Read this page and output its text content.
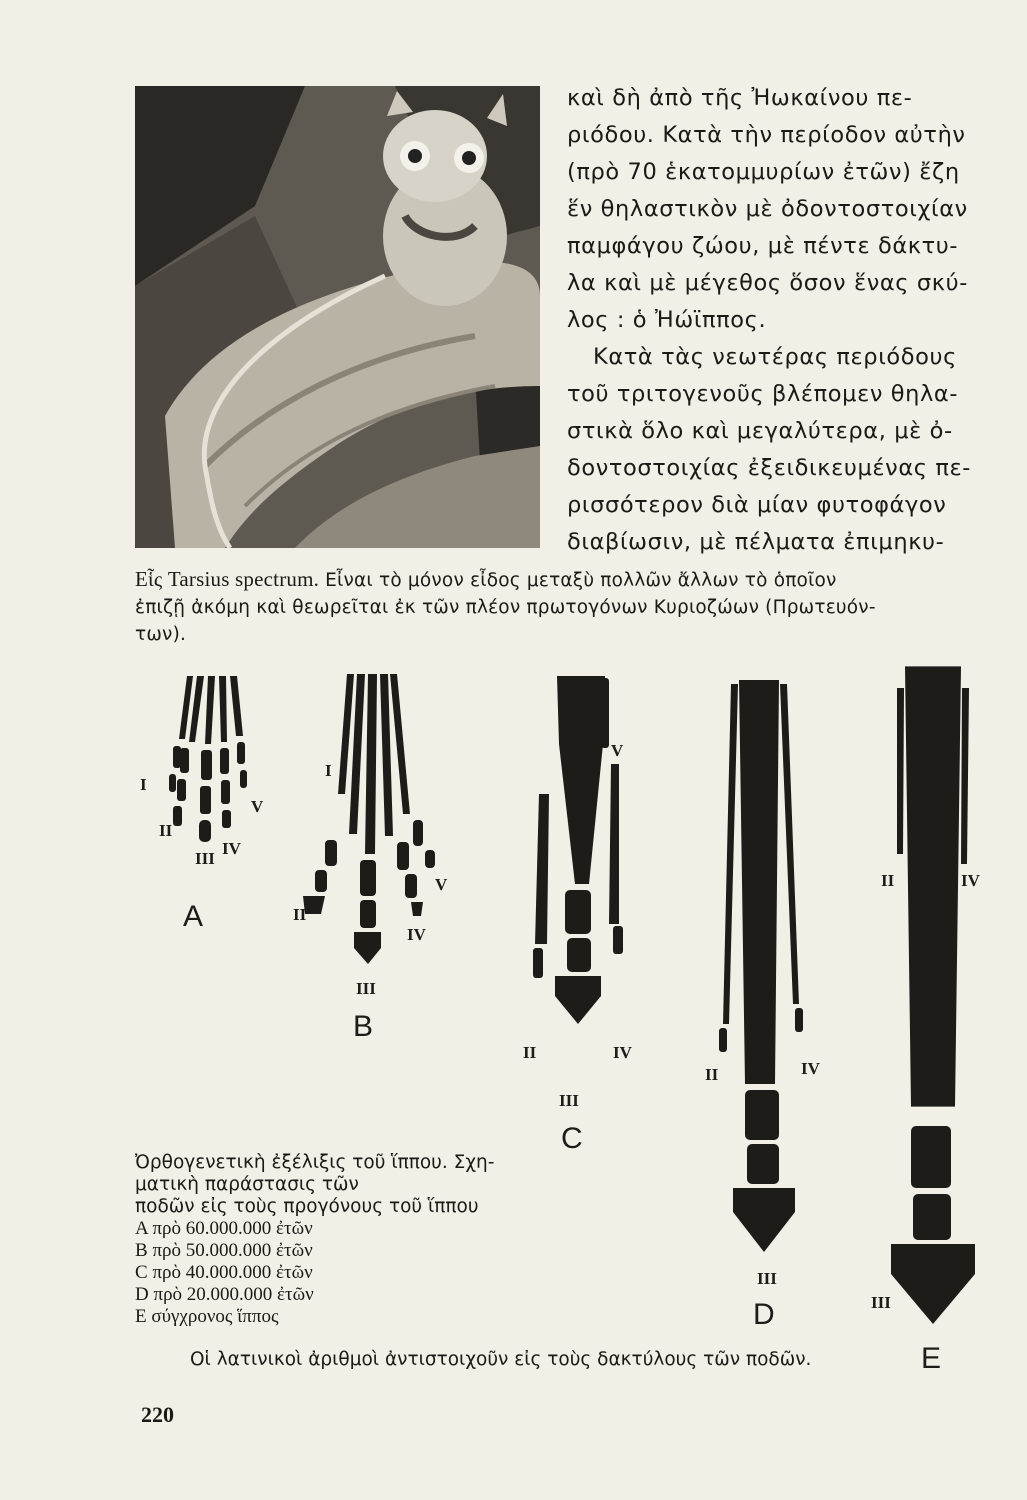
καὶ δὴ ἀπὸ τῆς Ἠωκαίνου πε-
ριόδου. Κατὰ τὴν περίοδον αὐτὴν
(πρὸ 70 ἑκατομμυρίων ἐτῶν) ἔζη
ἕν θηλαστικὸν μὲ ὀδοντοστοιχίαν
παμφάγου ζώου, μὲ πέντε δάκτυ-
λα καὶ μὲ μέγεθος ὅσον ἕνας σκύ-
λος : ὁ Ἠώϊππος.
Κατὰ τὰς νεωτέρας περιόδους
τοῦ τριτογενοῦς βλέπομεν θηλα-
στικὰ ὅλο καὶ μεγαλύτερα, μὲ ὀ-
δοντοστοιχίας ἐξειδικευμένας πε-
ρισσότερον διὰ μίαν φυτοφάγον
διαβίωσιν, μὲ πέλματα ἐπιμηκυ-
Εἷς Tarsius spectrum. Εἶναι τὸ μόνον εἶδος μεταξὺ πολλῶν ἄλλων τὸ ὁποῖον
ἐπιζῇ ἀκόμη καὶ θεωρεῖται ἐκ τῶν πλέον πρωτογόνων Κυριοζώων (Πρωτευόν-
των).
I
II
III
IV
V
A
I
II
III
IV
V
B
V
II
III
IV
C
II	IV
III
D
II	IV
III
E
Ὀρθογενετικὴ ἐξέλιξις τοῦ ἵππου. Σχη-
ματικὴ παράστασις τῶν
ποδῶν εἰς τοὺς προγόνους τοῦ ἵππου
A πρὸ 60.000.000 ἐτῶν
B πρὸ 50.000.000 ἐτῶν
C πρὸ 40.000.000 ἐτῶν
D πρὸ 20.000.000 ἐτῶν
E σύγχρονος ἵππος
Οἱ λατινικοὶ ἀριθμοὶ ἀντιστοιχοῦν εἰς τοὺς δακτύλους τῶν ποδῶν.
220
